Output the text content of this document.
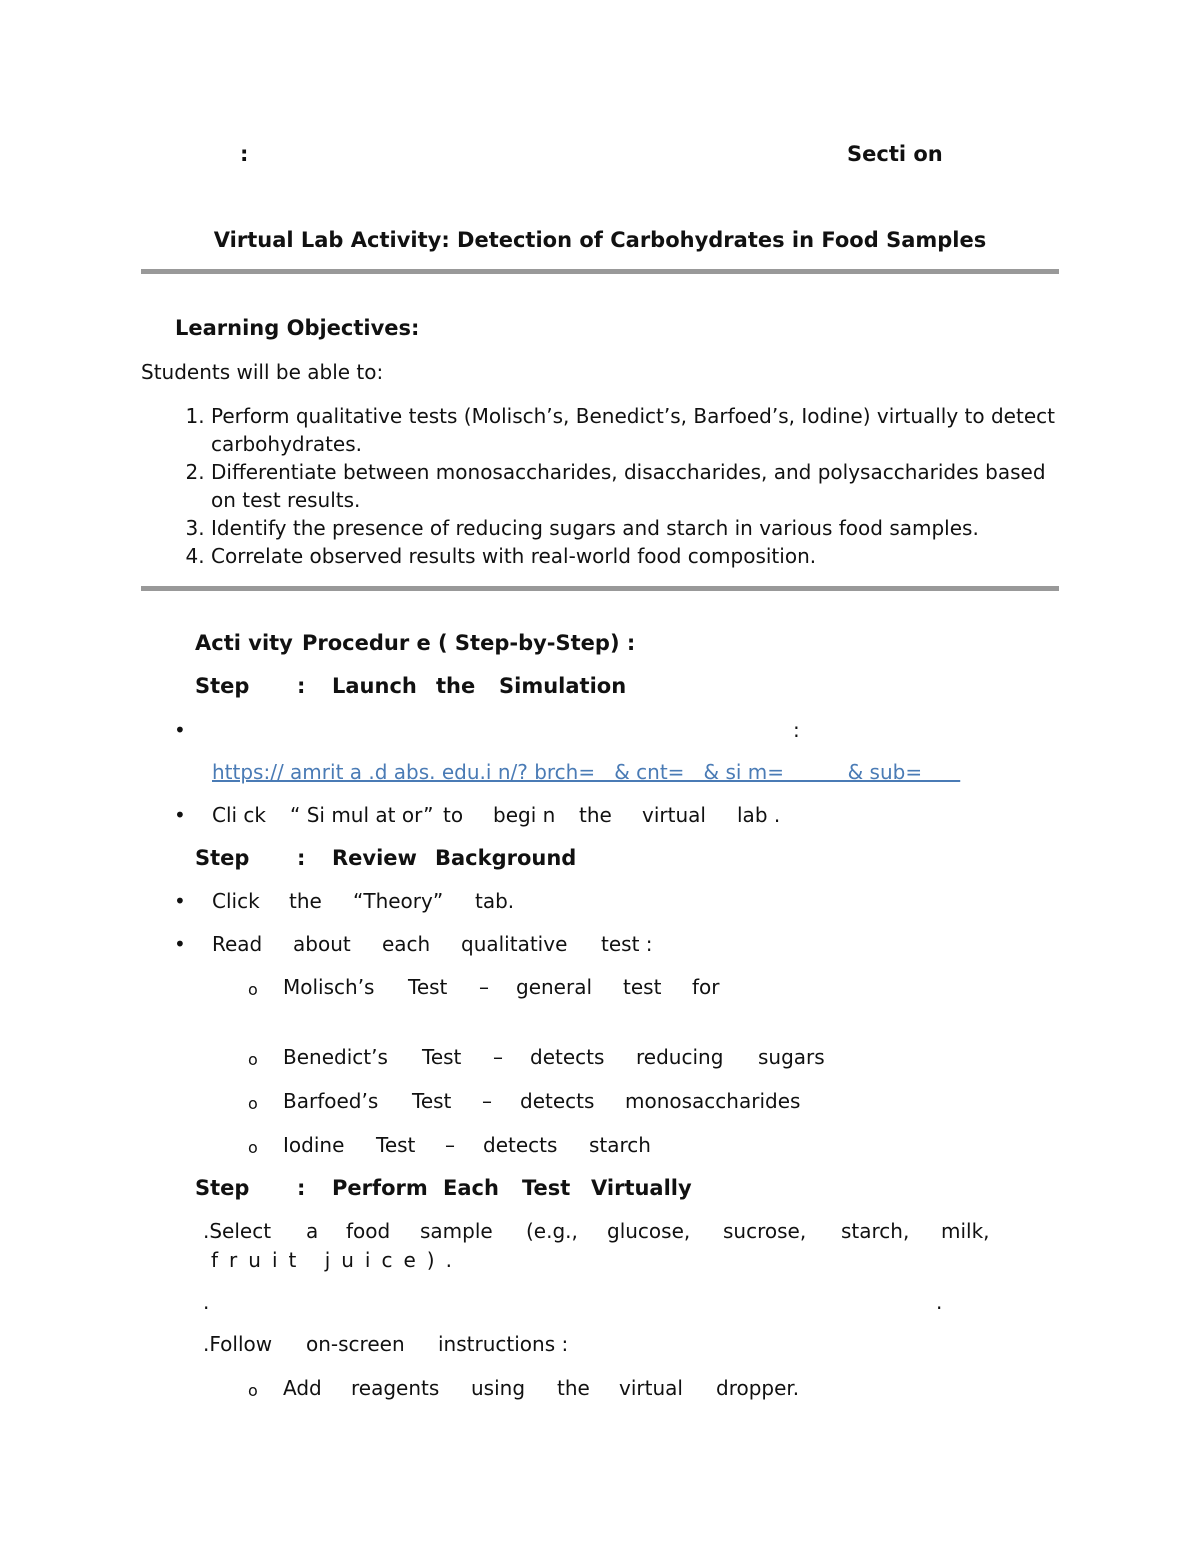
:	Secti on
Virtual Lab Activity: Detection of Carbohydrates in Food Samples
Learning Objectives:
Students will be able to:
1. Perform qualitative tests (Molisch’s, Benedict’s, Barfoed’s, Iodine) virtually to detect carbohydrates.
2. Differentiate between monosaccharides, disaccharides, and polysaccharides based on test results.
3. Identify the presence of reducing sugars and starch in various food samples.
4. Correlate observed results with real-world food composition.
Acti vity Procedur e ( Step-by-Step) :
Step : Launch the Simulation
•	:
https:// amrit a .d abs. edu.i n/? brch=   & cnt=   & si m=          & sub=
• Cli ck “ Si mul at or” to begi n the virtual lab .
Step : Review Background
• Click the “Theory” tab.
• Read about each qualitative test :
o Molisch’s Test – general test for
o Benedict’s Test – detects reducing sugars
o Barfoed’s Test – detects monosaccharides
o Iodine Test – detects starch
Step : Perform Each Test Virtually
.Select a food sample (e.g., glucose, sucrose, starch, milk,
fruit juice).
.	.
.Follow on-screen instructions :
o Add reagents using the virtual dropper.
